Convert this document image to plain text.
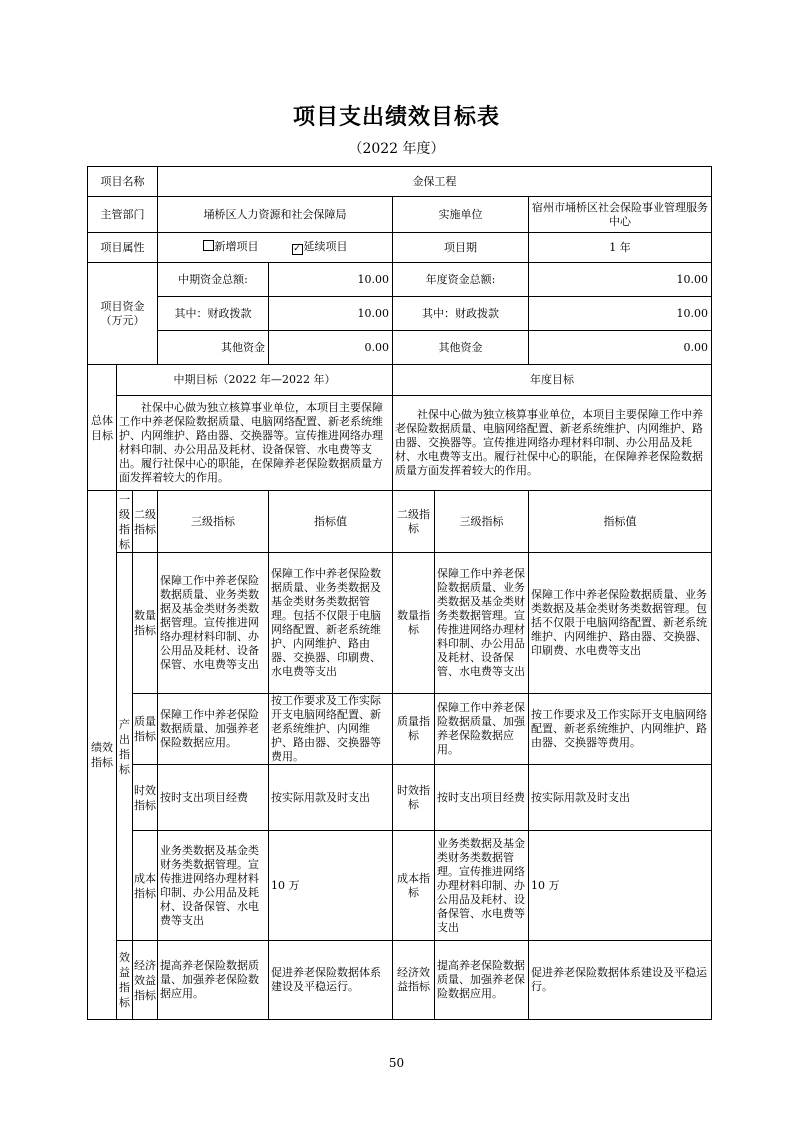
项目支出绩效目标表
（2022 年度）
项目名称			金保工程				
主管部门			埇桥区人力资源和社会保障局		实施单位		宿州市埇桥区社会保险事业管理服务中心
项目属性			新增项目 ✓ 延续项目		项目期		1 年
项目资金（万元）			中期资金总额:	10.00	年度资金总额:		10.00
			其中：财政拨款	10.00	其中：财政拨款		10.00
			其他资金	0.00	其他资金		0.00
总体目标	中期目标（2022 年—2022 年）				年度目标		
	　　社保中心做为独立核算事业单位，本项目主要保障工作中养老保险数据质量、电脑网络配置、新老系统维护、内网维护、路由器、交换器等。宣传推进网络办理材料印制、办公用品及耗材、设备保管、水电费等支出。履行社保中心的职能，在保障养老保险数据质量方面发挥着较大的作用。				　　社保中心做为独立核算事业单位，本项目主要保障工作中养老保险数据质量、电脑网络配置、新老系统维护、内网维护、路由器、交换器等。宣传推进网络办理材料印制、办公用品及耗材、水电费等支出。履行社保中心的职能，在保障养老保险数据质量方面发挥着较大的作用。		
绩效指标	一级指标	二级指标	三级指标	指标值	二级指标	三级指标	指标值
	产出指标	数量指标	保障工作中养老保险数据质量、业务类数据及基金类财务类数据管理。宣传推进网络办理材料印制、办公用品及耗材、设备保管、水电费等支出	保障工作中养老保险数据质量、业务类数据及基金类财务类数据管理。包括不仅限于电脑网络配置、新老系统维护、内网维护、路由器、交换器、印刷费、水电费等支出	数量指标	保障工作中养老保险数据质量、业务类数据及基金类财务类数据管理。宣传推进网络办理材料印制、办公用品及耗材、设备保管、水电费等支出	保障工作中养老保险数据质量、业务类数据及基金类财务类数据管理。包括不仅限于电脑网络配置、新老系统维护、内网维护、路由器、交换器、印刷费、水电费等支出
		质量指标	保障工作中养老保险数据质量、加强养老保险数据应用。	按工作要求及工作实际开支电脑网络配置、新老系统维护、内网维护、路由器、交换器等费用。	质量指标	保障工作中养老保险数据质量、加强养老保险数据应用。	按工作要求及工作实际开支电脑网络配置、新老系统维护、内网维护、路由器、交换器等费用。
		时效指标	按时支出项目经费	按实际用款及时支出	时效指标	按时支出项目经费	按实际用款及时支出
		成本指标	业务类数据及基金类财务类数据管理。宣传推进网络办理材料印制、办公用品及耗材、设备保管、水电费等支出	10 万	成本指标	业务类数据及基金类财务类数据管理。宣传推进网络办理材料印制、办公用品及耗材、设备保管、水电费等支出	10 万
	效益指标	经济效益指标	提高养老保险数据质量、加强养老保险数据应用。	促进养老保险数据体系建设及平稳运行。	经济效益指标	提高养老保险数据质量、加强养老保险数据应用。	促进养老保险数据体系建设及平稳运行。
50
